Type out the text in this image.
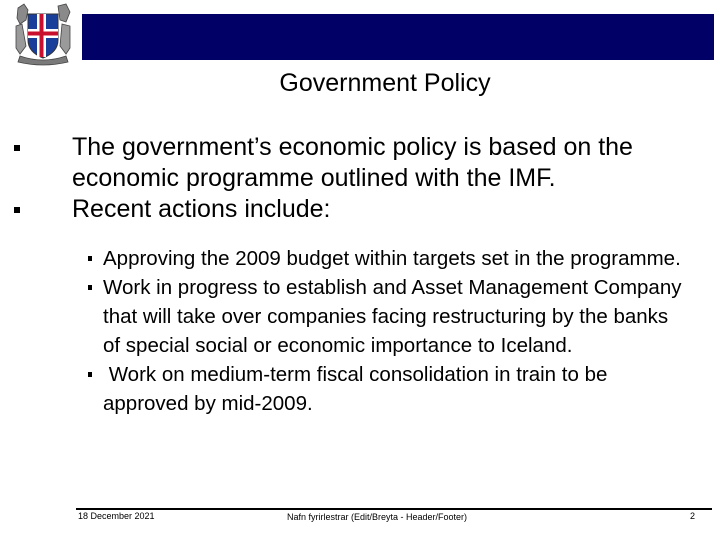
Government Policy
The government’s economic policy is based on the economic programme outlined with the IMF.
Recent actions include:
Approving the 2009 budget within targets set in the programme.
Work in progress to establish and Asset Management Company that will take over companies facing restructuring by the banks of special social or economic importance to Iceland.
Work on medium-term fiscal consolidation in train to be approved by mid-2009.
18 December 2021	Nafn fyrirlestrar (Edit/Breyta - Header/Footer)	2
